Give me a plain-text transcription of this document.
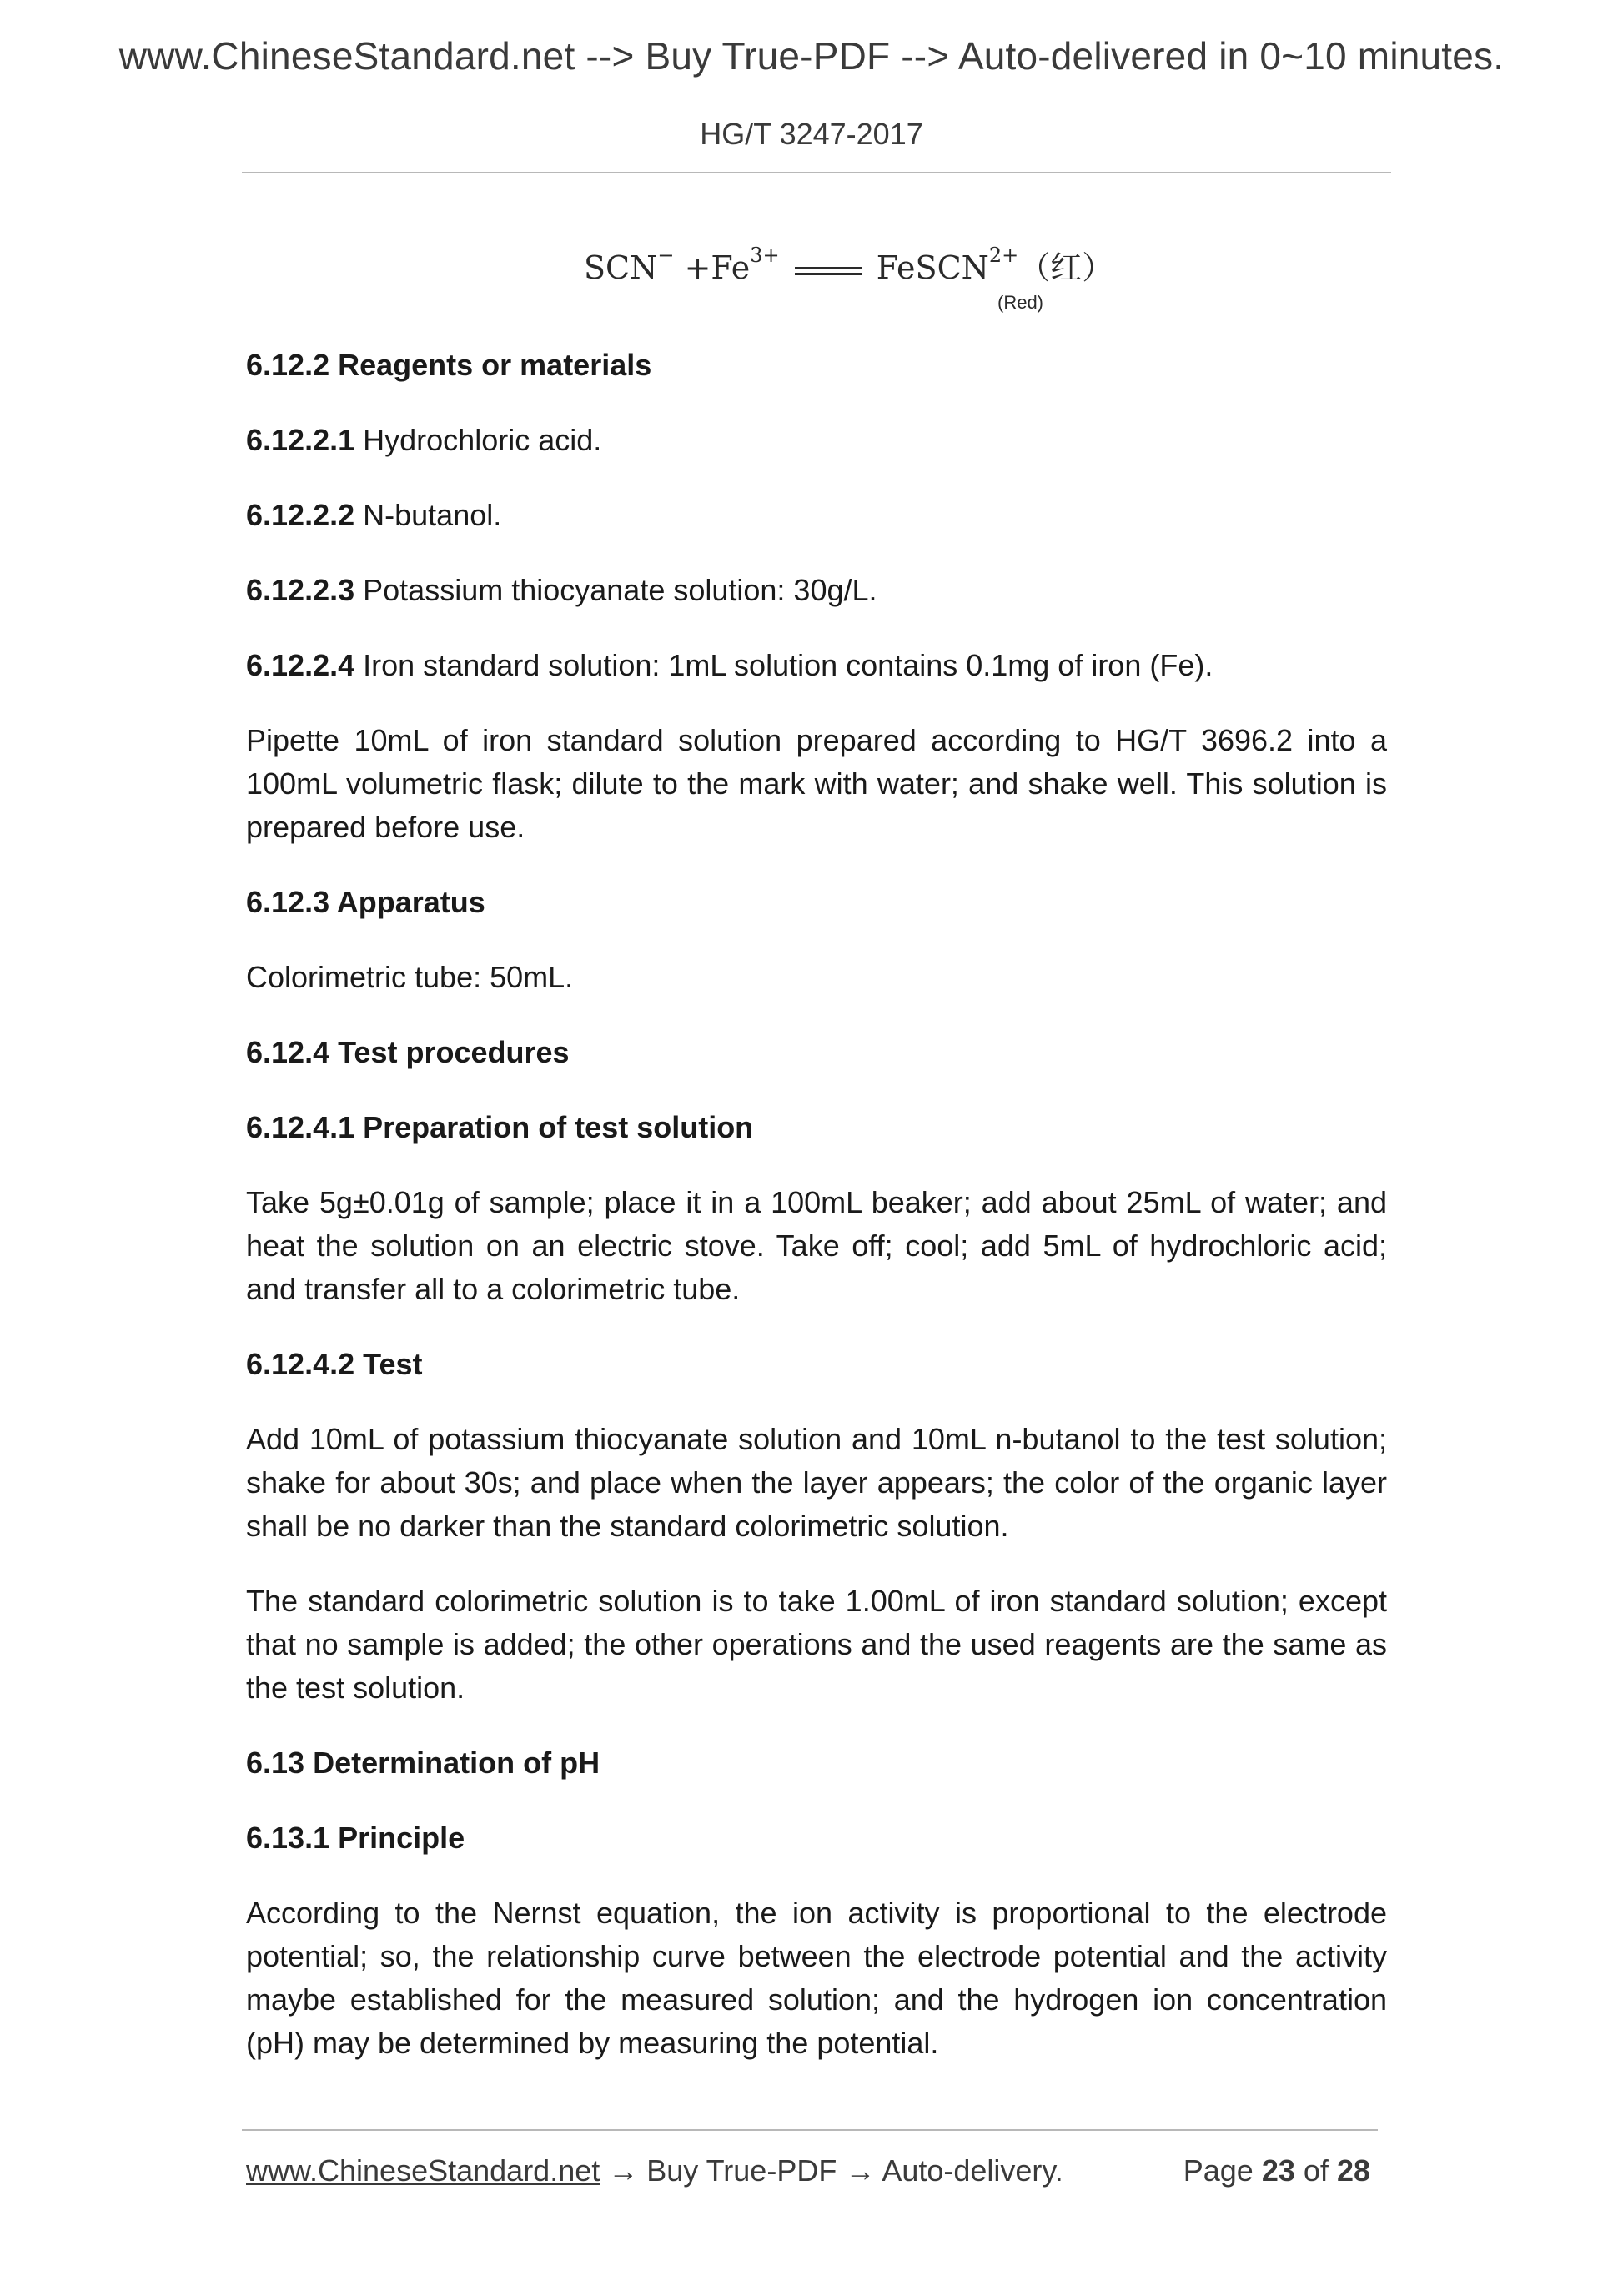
www.ChineseStandard.net --> Buy True-PDF --> Auto-delivered in 0~10 minutes.
HG/T 3247-2017
$SCN^- +Fe^{3+}$	FeSCN$^{2+}$（红）
(Red)

6.12.2 Reagents or materials

6.12.2.1 Hydrochloric acid.

6.12.2.2 N-butanol.

6.12.2.3 Potassium thiocyanate solution: 30g/L.

6.12.2.4 Iron standard solution: 1mL solution contains 0.1mg of iron (Fe).

Pipette 10mL of iron standard solution prepared according to HG/T 3696.2 into a 100mL volumetric flask; dilute to the mark with water; and shake well. This solution is prepared before use.

6.12.3 Apparatus

Colorimetric tube: 50mL.

6.12.4 Test procedures

6.12.4.1 Preparation of test solution

Take 5g±0.01g of sample; place it in a 100mL beaker; add about 25mL of water; and heat the solution on an electric stove. Take off; cool; add 5mL of hydrochloric acid; and transfer all to a colorimetric tube.

6.12.4.2 Test

Add 10mL of potassium thiocyanate solution and 10mL n-butanol to the test solution; shake for about 30s; and place when the layer appears; the color of the organic layer shall be no darker than the standard colorimetric solution.

The standard colorimetric solution is to take 1.00mL of iron standard solution; except that no sample is added; the other operations and the used reagents are the same as the test solution.

6.13 Determination of pH

6.13.1 Principle

According to the Nernst equation, the ion activity is proportional to the electrode potential; so, the relationship curve between the electrode potential and the activity maybe established for the measured solution; and the hydrogen ion concentration (pH) may be determined by measuring the potential.

www.ChineseStandard.net → Buy True-PDF → Auto-delivery.	Page 23 of 28
